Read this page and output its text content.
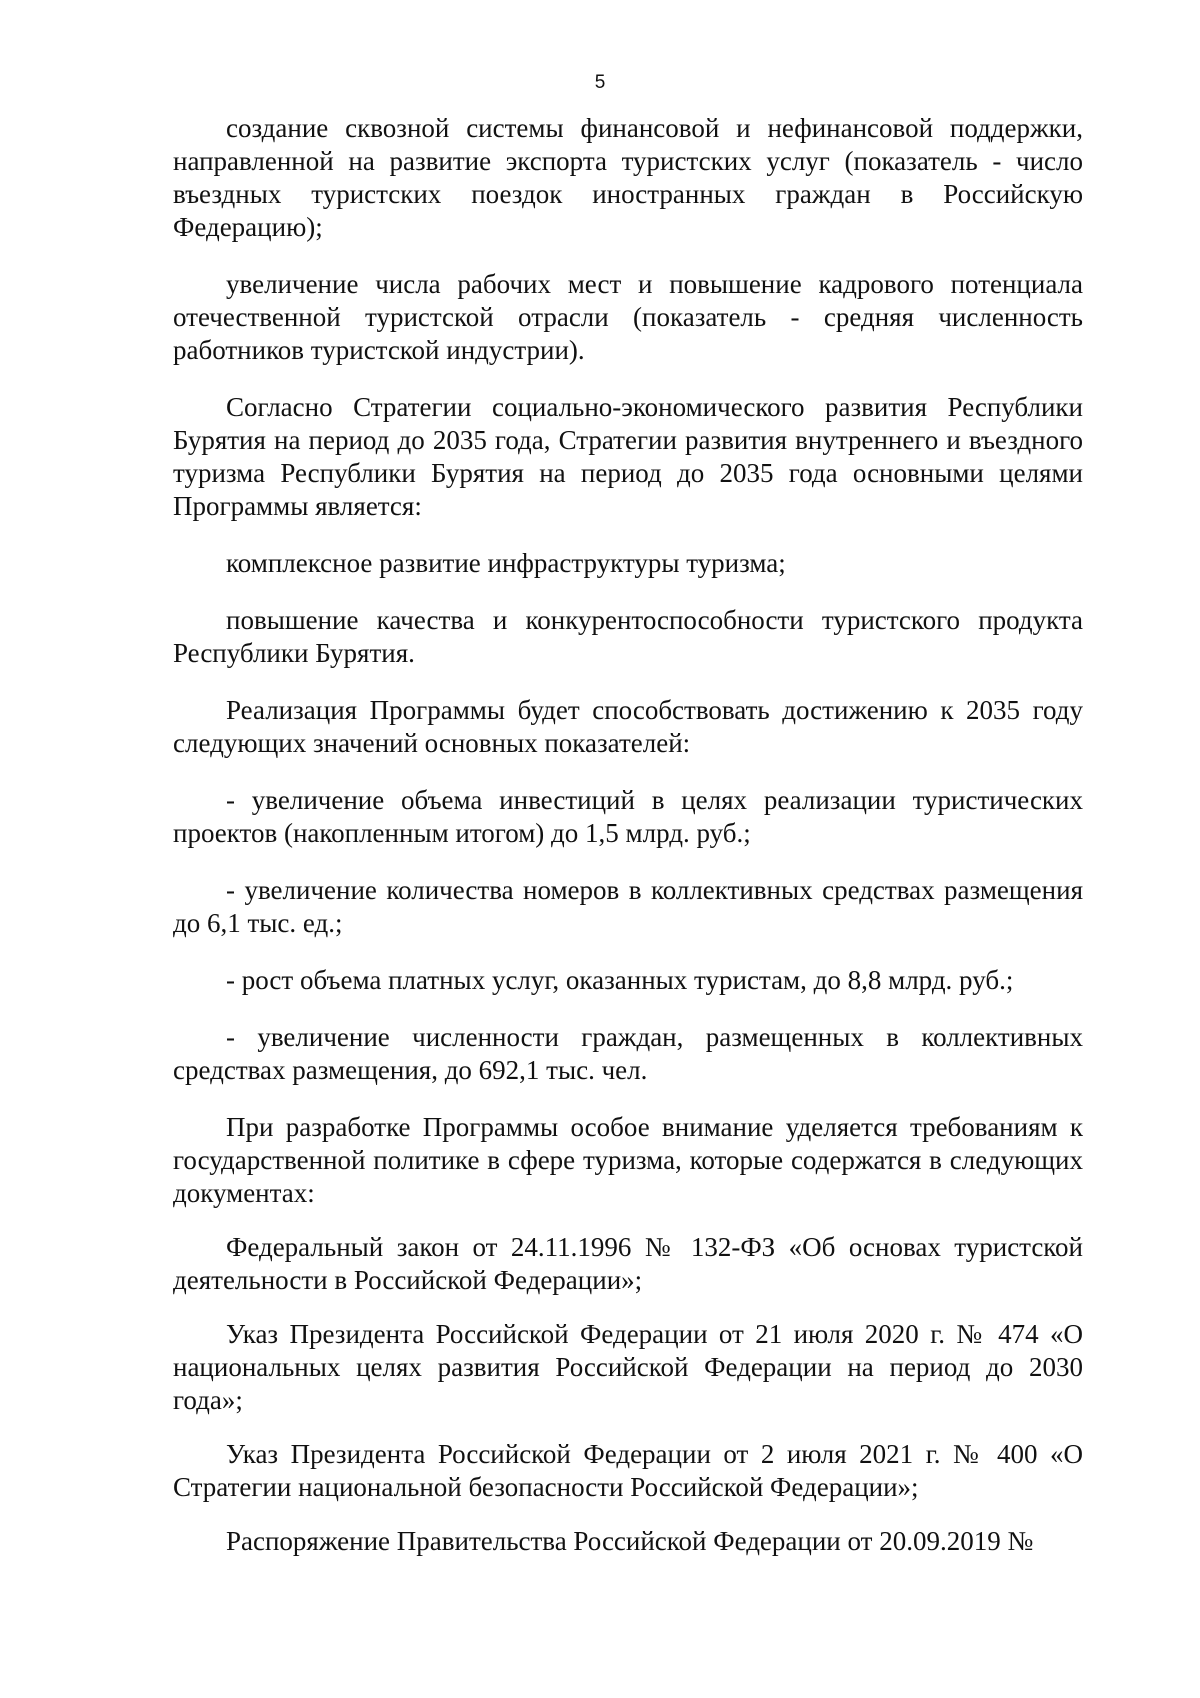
5

создание сквозной системы финансовой и нефинансовой поддержки, направленной на развитие экспорта туристских услуг (показатель - число въездных туристских поездок иностранных граждан в Российскую Федерацию);

увеличение числа рабочих мест и повышение кадрового потенциала отечественной туристской отрасли (показатель - средняя численность работников туристской индустрии).

Согласно Стратегии социально-экономического развития Республики Бурятия на период до 2035 года, Стратегии развития внутреннего и въездного туризма Республики Бурятия на период до 2035 года основными целями Программы является:

комплексное развитие инфраструктуры туризма;

повышение качества и конкурентоспособности туристского продукта Республики Бурятия.

Реализация Программы будет способствовать достижению к 2035 году следующих значений основных показателей:

- увеличение объема инвестиций в целях реализации туристических проектов (накопленным итогом) до 1,5 млрд. руб.;

- увеличение количества номеров в коллективных средствах размещения до 6,1 тыс. ед.;

- рост объема платных услуг, оказанных туристам, до 8,8 млрд. руб.;

- увеличение численности граждан, размещенных в коллективных средствах размещения, до 692,1 тыс. чел.

При разработке Программы особое внимание уделяется требованиям к государственной политике в сфере туризма, которые содержатся в следующих документах:

Федеральный закон от 24.11.1996 № 132-ФЗ «Об основах туристской деятельности в Российской Федерации»;

Указ Президента Российской Федерации от 21 июля 2020 г. № 474 «О национальных целях развития Российской Федерации на период до 2030 года»;

Указ Президента Российской Федерации от 2 июля 2021 г. № 400 «О Стратегии национальной безопасности Российской Федерации»;

Распоряжение Правительства Российской Федерации от 20.09.2019 №
